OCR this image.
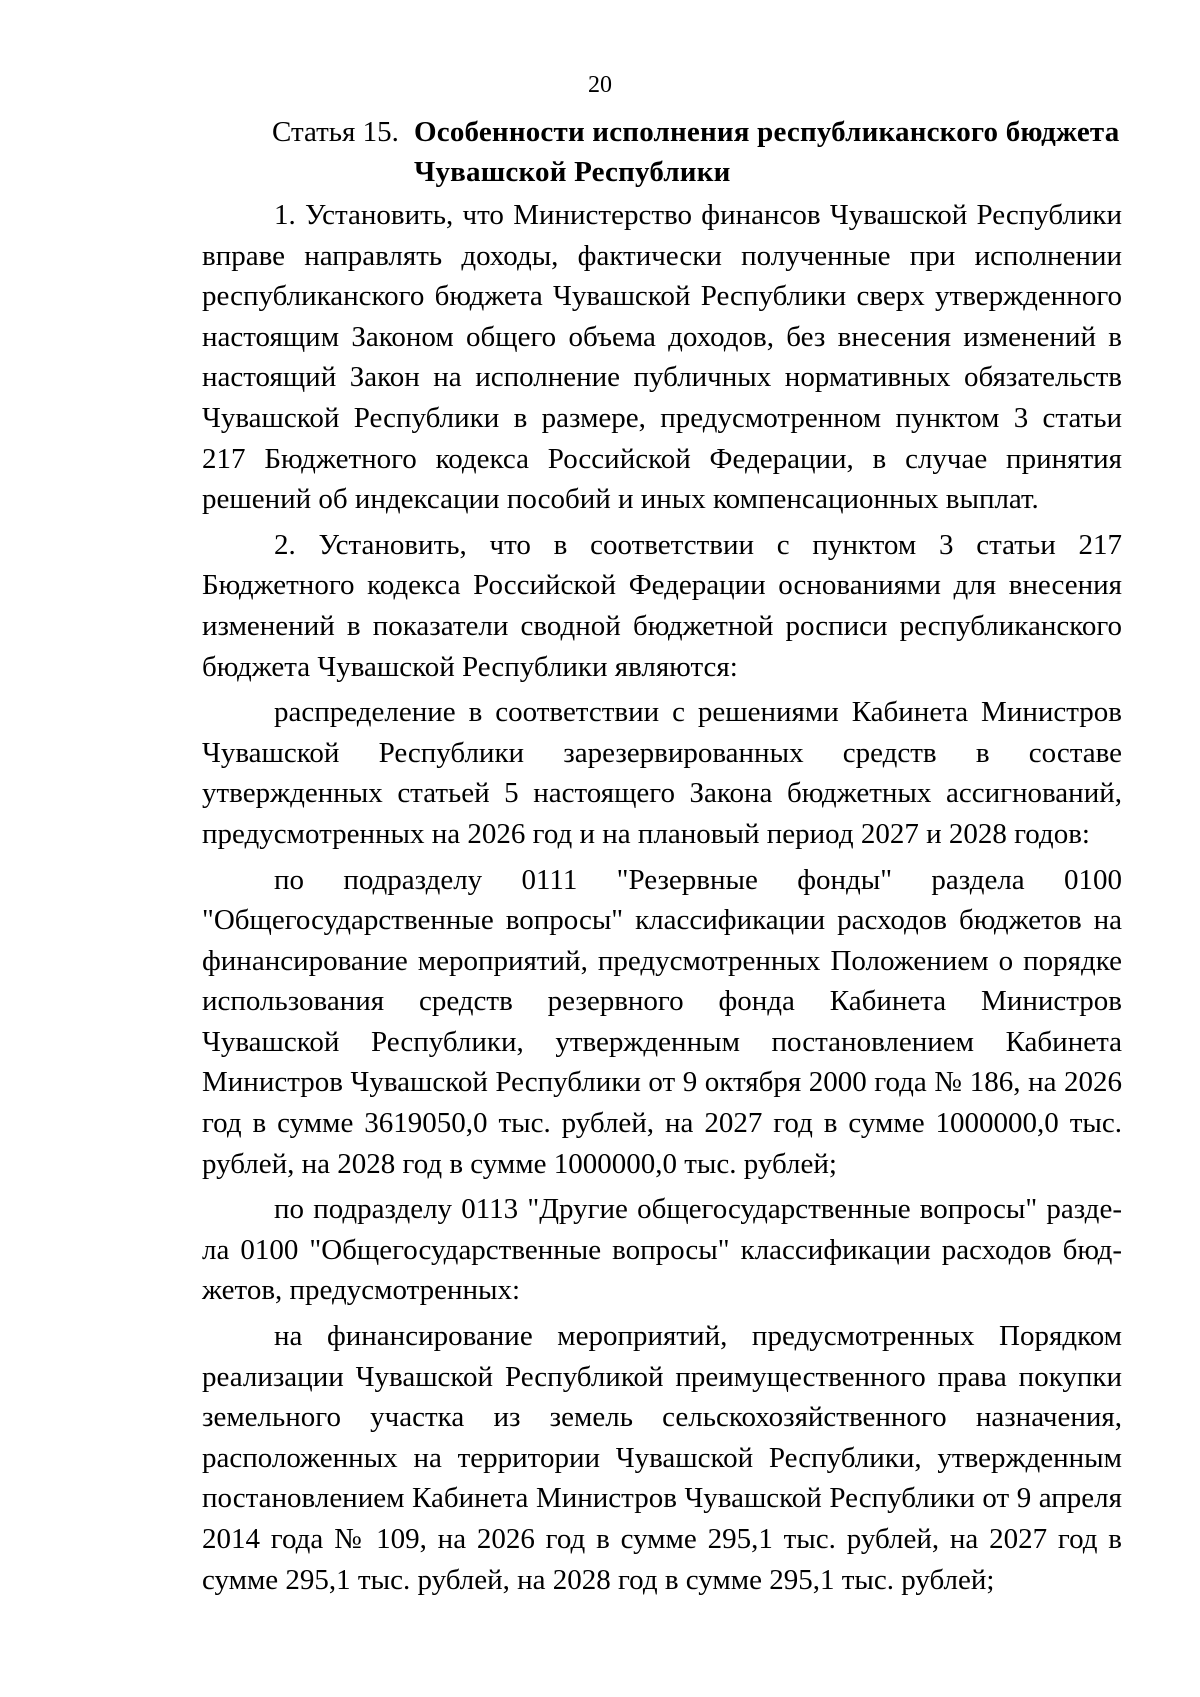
20
Статья 15. Особенности исполнения республиканского бюджета Чувашской Республики

1. Установить, что Министерство финансов Чувашской Республики вправе направлять доходы, фактически полученные при исполнении республиканского бюджета Чувашской Республики сверх утвержденного настоящим Законом общего объема доходов, без внесения изменений в настоящий Закон на исполнение публичных нормативных обязательств Чувашской Республики в размере, предусмотренном пунктом 3 статьи 217 Бюджетного кодекса Российской Федерации, в случае принятия решений об индексации пособий и иных компенсационных выплат.

2. Установить, что в соответствии с пунктом 3 статьи 217 Бюджетного кодекса Российской Федерации основаниями для внесения изменений в показатели сводной бюджетной росписи республиканского бюджета Чувашской Республики являются:

распределение в соответствии с решениями Кабинета Министров Чувашской Республики зарезервированных средств в составе утвержденных статьей 5 настоящего Закона бюджетных ассигнований, предусмотренных на 2026 год и на плановый период 2027 и 2028 годов:

по подразделу 0111 "Резервные фонды" раздела 0100 "Общегосударственные вопросы" классификации расходов бюджетов на финансирование мероприятий, предусмотренных Положением о порядке использования средств резервного фонда Кабинета Министров Чувашской Республики, утвержденным постановлением Кабинета Министров Чувашской Республики от 9 октября 2000 года № 186, на 2026 год в сумме 3619050,0 тыс. рублей, на 2027 год в сумме 1000000,0 тыс. рублей, на 2028 год в сумме 1000000,0 тыс. рублей;

по подразделу 0113 "Другие общегосударственные вопросы" раздела 0100 "Общегосударственные вопросы" классификации расходов бюджетов, предусмотренных:

на финансирование мероприятий, предусмотренных Порядком реализации Чувашской Республикой преимущественного права покупки земельного участка из земель сельскохозяйственного назначения, расположенных на территории Чувашской Республики, утвержденным постановлением Кабинета Министров Чувашской Республики от 9 апреля 2014 года № 109, на 2026 год в сумме 295,1 тыс. рублей, на 2027 год в сумме 295,1 тыс. рублей, на 2028 год в сумме 295,1 тыс. рублей;
